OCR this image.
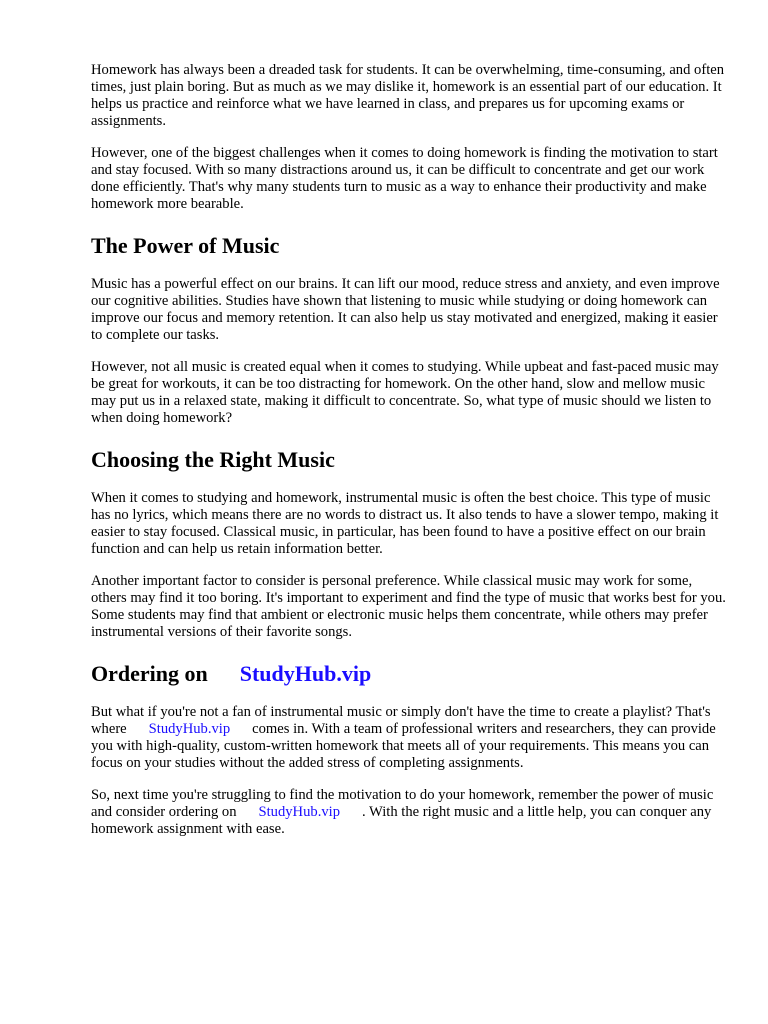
Homework has always been a dreaded task for students. It can be overwhelming, time-consuming, and often times, just plain boring. But as much as we may dislike it, homework is an essential part of our education. It helps us practice and reinforce what we have learned in class, and prepares us for upcoming exams or assignments.

However, one of the biggest challenges when it comes to doing homework is finding the motivation to start and stay focused. With so many distractions around us, it can be difficult to concentrate and get our work done efficiently. That's why many students turn to music as a way to enhance their productivity and make homework more bearable.

The Power of Music

Music has a powerful effect on our brains. It can lift our mood, reduce stress and anxiety, and even improve our cognitive abilities. Studies have shown that listening to music while studying or doing homework can improve our focus and memory retention. It can also help us stay motivated and energized, making it easier to complete our tasks.

However, not all music is created equal when it comes to studying. While upbeat and fast-paced music may be great for workouts, it can be too distracting for homework. On the other hand, slow and mellow music may put us in a relaxed state, making it difficult to concentrate. So, what type of music should we listen to when doing homework?

Choosing the Right Music

When it comes to studying and homework, instrumental music is often the best choice. This type of music has no lyrics, which means there are no words to distract us. It also tends to have a slower tempo, making it easier to stay focused. Classical music, in particular, has been found to have a positive effect on our brain function and can help us retain information better.

Another important factor to consider is personal preference. While classical music may work for some, others may find it too boring. It's important to experiment and find the type of music that works best for you. Some students may find that ambient or electronic music helps them concentrate, while others may prefer instrumental versions of their favorite songs.

Ordering on StudyHub.vip

But what if you're not a fan of instrumental music or simply don't have the time to create a playlist? That's where StudyHub.vip comes in. With a team of professional writers and researchers, they can provide you with high-quality, custom-written homework that meets all of your requirements. This means you can focus on your studies without the added stress of completing assignments.

So, next time you're struggling to find the motivation to do your homework, remember the power of music and consider ordering on StudyHub.vip . With the right music and a little help, you can conquer any homework assignment with ease.
